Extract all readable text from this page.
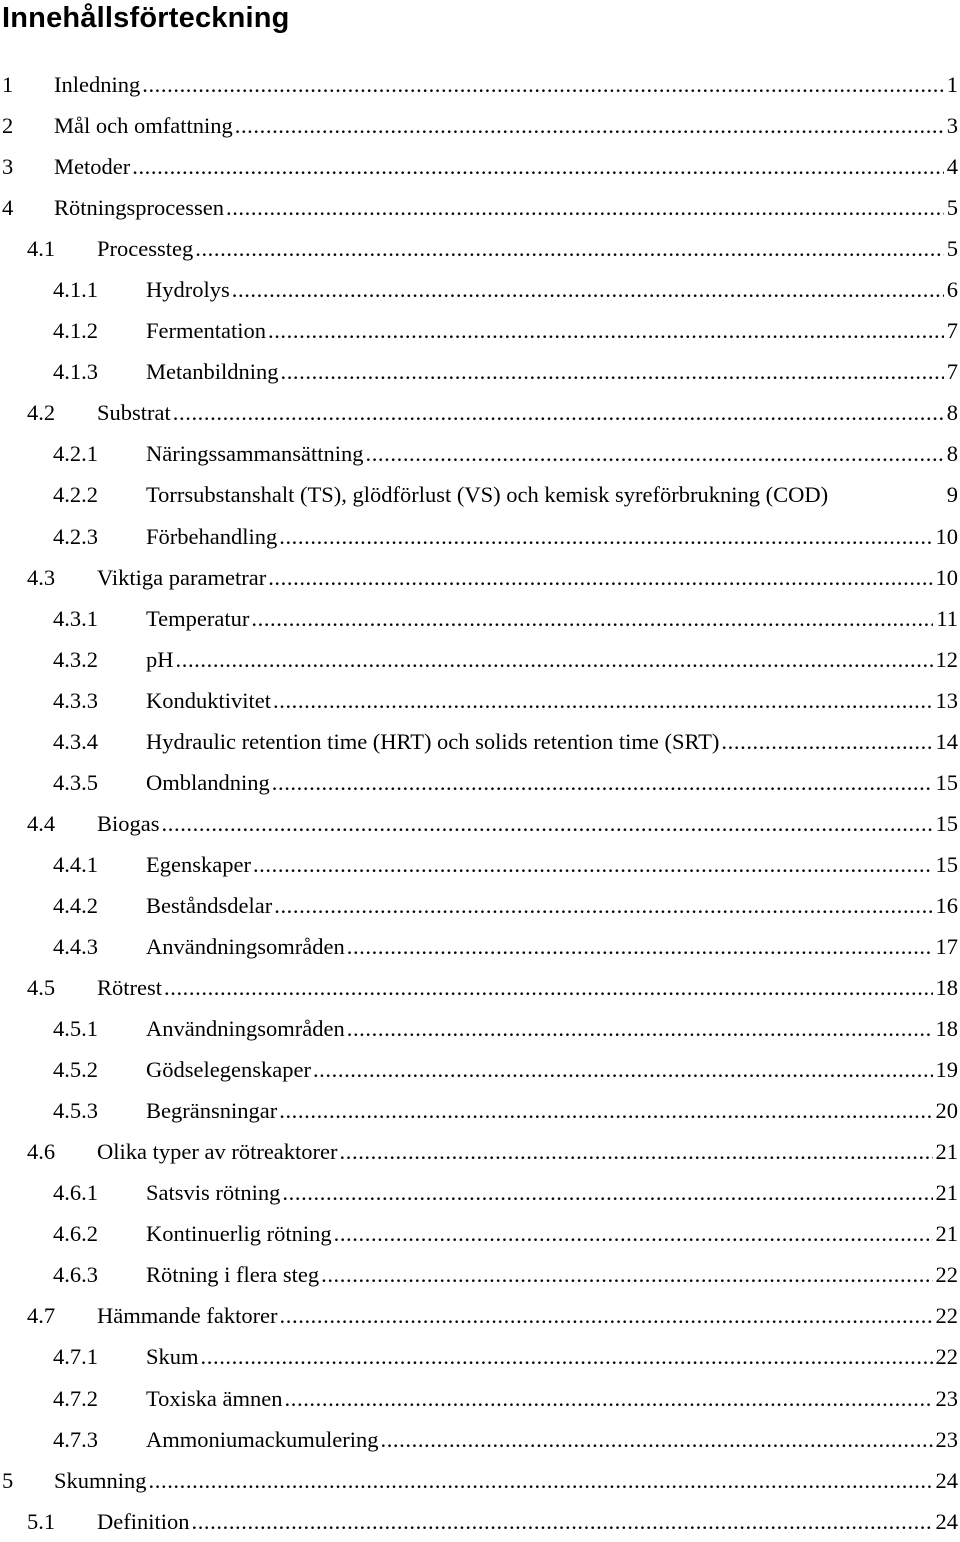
Innehållsförteckning
1	Inledning .....	1
2	Mål och omfattning .....	3
3	Metoder .....	4
4	Rötningsprocessen .....	5
4.1	Processteg .....	5
4.1.1	Hydrolys .....	6
4.1.2	Fermentation .....	7
4.1.3	Metanbildning .....	7
4.2	Substrat .....	8
4.2.1	Näringssammansättning .....	8
4.2.2	Torrsubstanshalt (TS), glödförlust (VS) och kemisk syreförbrukning (COD)	9
4.2.3	Förbehandling .....	10
4.3	Viktiga parametrar .....	10
4.3.1	Temperatur .....	11
4.3.2	pH .....	12
4.3.3	Konduktivitet .....	13
4.3.4	Hydraulic retention time (HRT) och solids retention time (SRT) .....	14
4.3.5	Omblandning .....	15
4.4	Biogas .....	15
4.4.1	Egenskaper .....	15
4.4.2	Beståndsdelar .....	16
4.4.3	Användningsområden .....	17
4.5	Rötrest .....	18
4.5.1	Användningsområden .....	18
4.5.2	Gödselegenskaper .....	19
4.5.3	Begränsningar .....	20
4.6	Olika typer av rötreaktorer .....	21
4.6.1	Satsvis rötning .....	21
4.6.2	Kontinuerlig rötning .....	21
4.6.3	Rötning i flera steg .....	22
4.7	Hämmande faktorer .....	22
4.7.1	Skum .....	22
4.7.2	Toxiska ämnen .....	23
4.7.3	Ammoniumackumulering .....	23
5	Skumning .....	24
5.1	Definition .....	24
